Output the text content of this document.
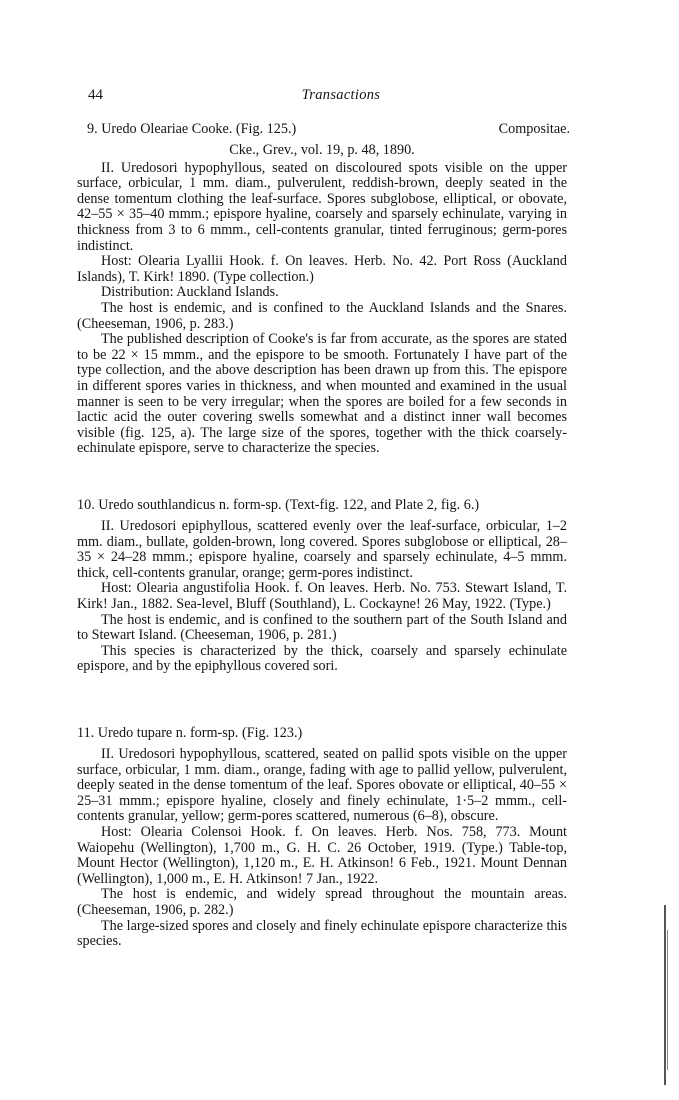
44	Transactions
9. Uredo Oleariae Cooke. (Fig. 125.)	Compositae.

Cke., Grev., vol. 19, p. 48, 1890.

II. Uredosori hypophyllous, seated on discoloured spots visible on the upper surface, orbicular, 1 mm. diam., pulverulent, reddish-brown, deeply seated in the dense tomentum clothing the leaf-surface. Spores subglobose, elliptical, or obovate, 42–55 × 35–40 mmm.; epispore hyaline, coarsely and sparsely echinulate, varying in thickness from 3 to 6 mmm., cell-contents granular, tinted ferruginous; germ-pores indistinct.

Host: Olearia Lyallii Hook. f. On leaves. Herb. No. 42. Port Ross (Auckland Islands), T. Kirk! 1890. (Type collection.)

Distribution: Auckland Islands.

The host is endemic, and is confined to the Auckland Islands and the Snares. (Cheeseman, 1906, p. 283.)

The published description of Cooke's is far from accurate, as the spores are stated to be 22 × 15 mmm., and the epispore to be smooth. Fortunately I have part of the type collection, and the above description has been drawn up from this. The epispore in different spores varies in thickness, and when mounted and examined in the usual manner is seen to be very irregular; when the spores are boiled for a few seconds in lactic acid the outer covering swells somewhat and a distinct inner wall becomes visible (fig. 125, a). The large size of the spores, together with the thick coarsely-echinulate epispore, serve to characterize the species.

10. Uredo southlandicus n. form-sp. (Text-fig. 122, and Plate 2, fig. 6.)

II. Uredosori epiphyllous, scattered evenly over the leaf-surface, orbicular, 1–2 mm. diam., bullate, golden-brown, long covered. Spores subglobose or elliptical, 28–35 × 24–28 mmm.; epispore hyaline, coarsely and sparsely echinulate, 4–5 mmm. thick, cell-contents granular, orange; germ-pores indistinct.

Host: Olearia angustifolia Hook. f. On leaves. Herb. No. 753. Stewart Island, T. Kirk! Jan., 1882. Sea-level, Bluff (Southland), L. Cockayne! 26 May, 1922. (Type.)

The host is endemic, and is confined to the southern part of the South Island and to Stewart Island. (Cheeseman, 1906, p. 281.)

This species is characterized by the thick, coarsely and sparsely echinulate epispore, and by the epiphyllous covered sori.

11. Uredo tupare n. form-sp. (Fig. 123.)

II. Uredosori hypophyllous, scattered, seated on pallid spots visible on the upper surface, orbicular, 1 mm. diam., orange, fading with age to pallid yellow, pulverulent, deeply seated in the dense tomentum of the leaf. Spores obovate or elliptical, 40–55 × 25–31 mmm.; epispore hyaline, closely and finely echinulate, 1·5–2 mmm., cell-contents granular, yellow; germ-pores scattered, numerous (6–8), obscure.

Host: Olearia Colensoi Hook. f. On leaves. Herb. Nos. 758, 773. Mount Waiopehu (Wellington), 1,700 m., G. H. C. 26 October, 1919. (Type.) Table-top, Mount Hector (Wellington), 1,120 m., E. H. Atkinson! 6 Feb., 1921. Mount Dennan (Wellington), 1,000 m., E. H. Atkinson! 7 Jan., 1922.

The host is endemic, and widely spread throughout the mountain areas. (Cheeseman, 1906, p. 282.)

The large-sized spores and closely and finely echinulate epispore characterize this species.
